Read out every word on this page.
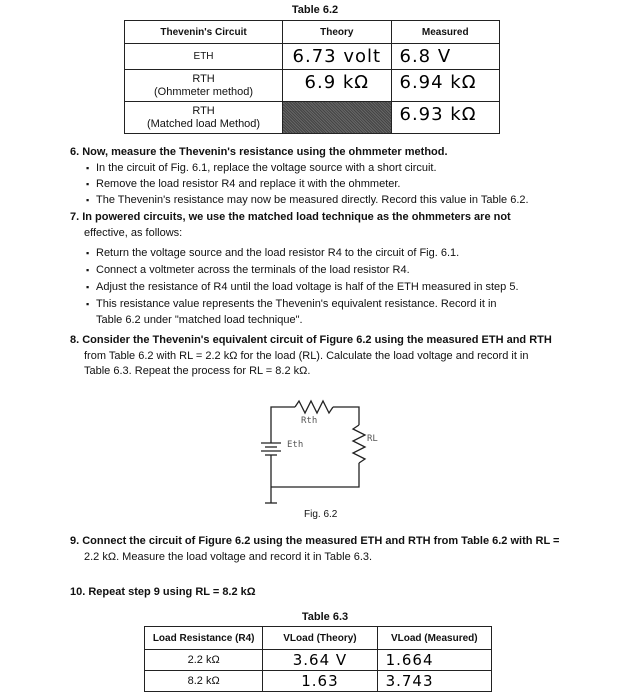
Table 6.2
Thevenin's Circuit	Theory	Measured
ETH	6.73 volt	6.8 V

RTH
(Ohmmeter method)	6.9 kΩ	6.94 kΩ

RTH
(Matched load Method)		6.93 kΩ
6. Now, measure the Thevenin's resistance using the ohmmeter method.
▪ In the circuit of Fig. 6.1, replace the voltage source with a short circuit.
▪ Remove the load resistor R4 and replace it with the ohmmeter.
▪ The Thevenin's resistance may now be measured directly. Record this value in Table 6.2.
7. In powered circuits, we use the matched load technique as the ohmmeters are not
effective, as follows:
▪ Return the voltage source and the load resistor R4 to the circuit of Fig. 6.1.
▪ Connect a voltmeter across the terminals of the load resistor R4.
▪ Adjust the resistance of R4 until the load voltage is half of the ETH measured in step 5.
▪ This resistance value represents the Thevenin's equivalent resistance. Record it in
Table 6.2 under "matched load technique".
8. Consider the Thevenin's equivalent circuit of Figure 6.2 using the measured ETH and RTH
from Table 6.2 with RL = 2.2 kΩ for the load (RL). Calculate the load voltage and record it in
Table 6.3. Repeat the process for RL = 8.2 kΩ.
Rth
Eth
RL
Fig. 6.2
9. Connect the circuit of Figure 6.2 using the measured ETH and RTH from Table 6.2 with RL =
2.2 kΩ. Measure the load voltage and record it in Table 6.3.
10. Repeat step 9 using RL = 8.2 kΩ
Table 6.3
Load Resistance (R4)	VLoad (Theory)	VLoad (Measured)
2.2 kΩ	3.64 V	1.664
8.2 kΩ	1.63	3.743
